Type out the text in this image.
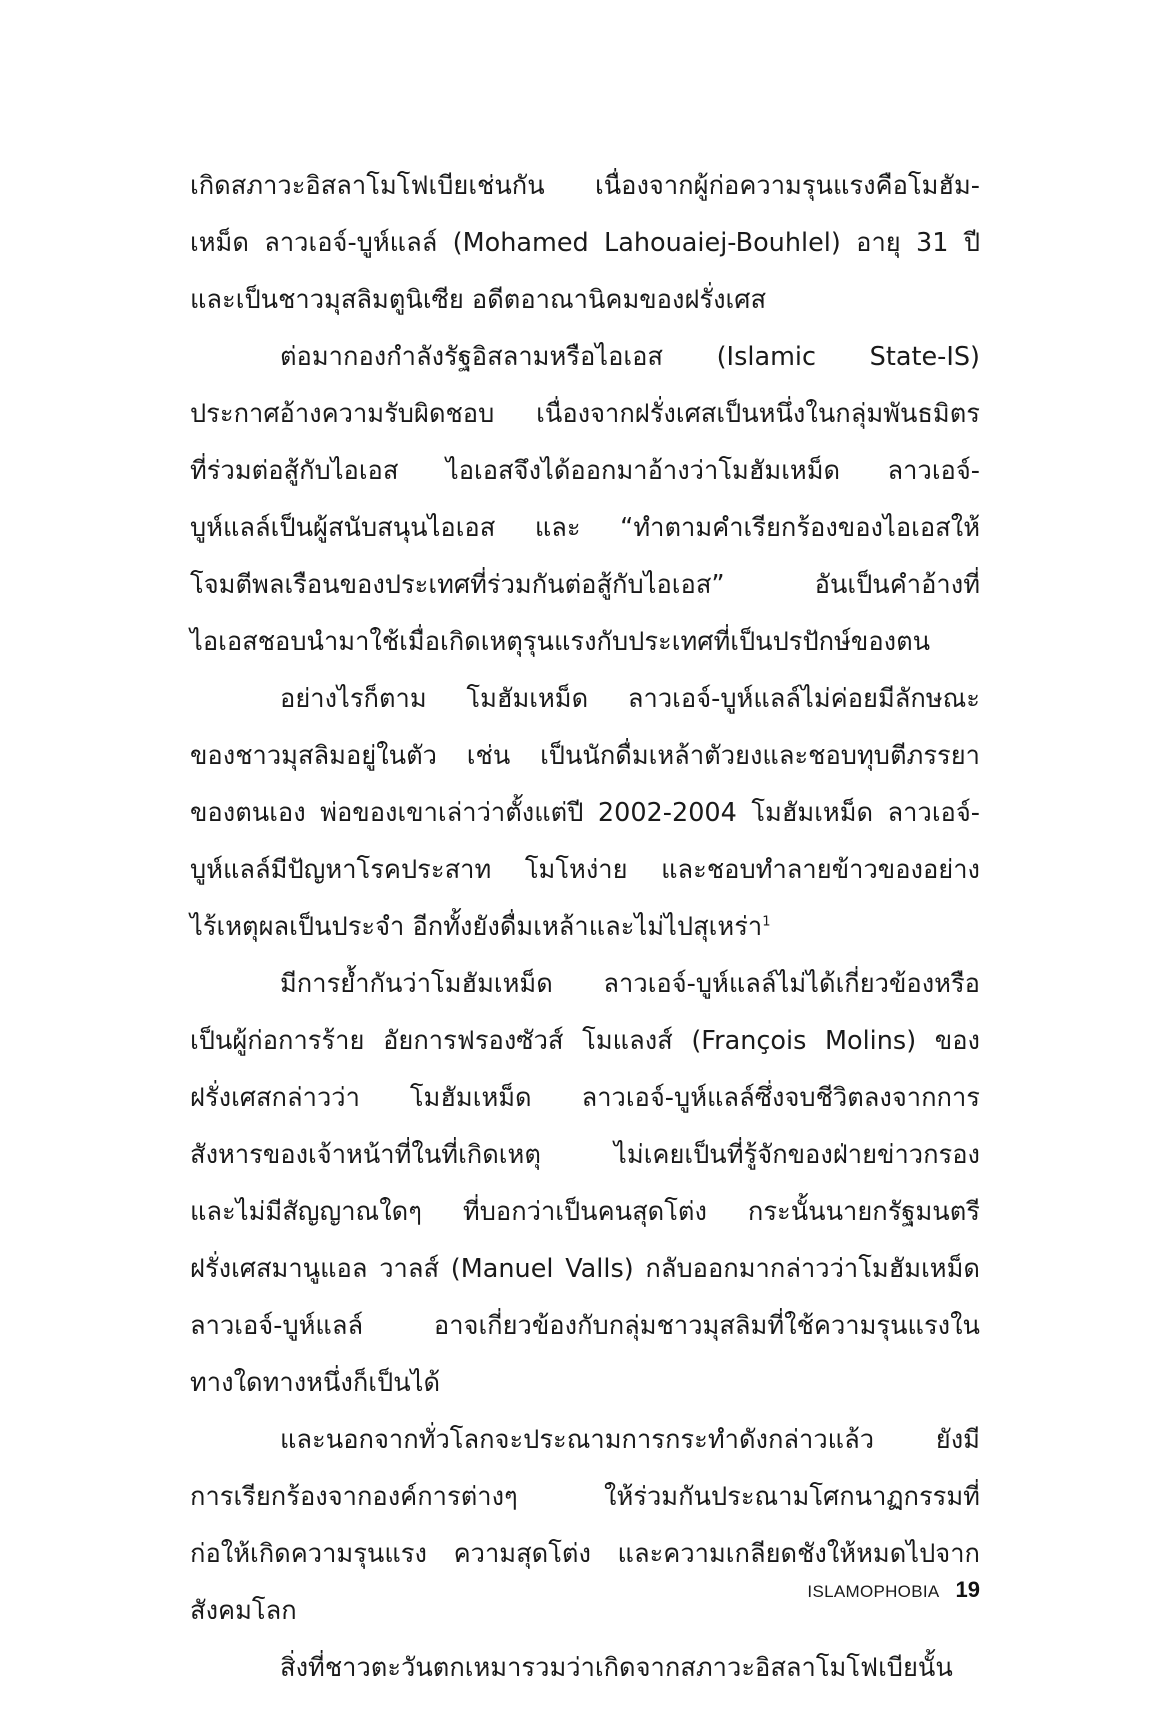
เกิดสภาวะอิสลาโมโฟเบียเช่นกัน เนื่องจากผู้ก่อความรุนแรงคือโมฮัม-
เหม็ด ลาวเอจ์-บูห์แลล์ (Mohamed Lahouaiej-Bouhlel) อายุ 31 ปี
และเป็นชาวมุสลิมตูนิเซีย อดีตอาณานิคมของฝรั่งเศส
ต่อมากองกำลังรัฐอิสลามหรือไอเอส (Islamic State-IS)
ประกาศอ้างความรับผิดชอบ เนื่องจากฝรั่งเศสเป็นหนึ่งในกลุ่มพันธมิตร
ที่ร่วมต่อสู้กับไอเอส ไอเอสจึงได้ออกมาอ้างว่าโมฮัมเหม็ด ลาวเอจ์-
บูห์แลล์เป็นผู้สนับสนุนไอเอส และ “ทำตามคำเรียกร้องของไอเอสให้
โจมตีพลเรือนของประเทศที่ร่วมกันต่อสู้กับไอเอส” อันเป็นคำอ้างที่
ไอเอสชอบนำมาใช้เมื่อเกิดเหตุรุนแรงกับประเทศที่เป็นปรปักษ์ของตน
อย่างไรก็ตาม โมฮัมเหม็ด ลาวเอจ์-บูห์แลล์ไม่ค่อยมีลักษณะ
ของชาวมุสลิมอยู่ในตัว เช่น เป็นนักดื่มเหล้าตัวยงและชอบทุบตีภรรยา
ของตนเอง พ่อของเขาเล่าว่าตั้งแต่ปี 2002-2004 โมฮัมเหม็ด ลาวเอจ์-
บูห์แลล์มีปัญหาโรคประสาท โมโหง่าย และชอบทำลายข้าวของอย่าง
ไร้เหตุผลเป็นประจำ อีกทั้งยังดื่มเหล้าและไม่ไปสุเหร่า$^1$
มีการย้ำกันว่าโมฮัมเหม็ด ลาวเอจ์-บูห์แลล์ไม่ได้เกี่ยวข้องหรือ
เป็นผู้ก่อการร้าย อัยการฟรองซัวส์ โมแลงส์ (François Molins) ของ
ฝรั่งเศสกล่าวว่า โมฮัมเหม็ด ลาวเอจ์-บูห์แลล์ซึ่งจบชีวิตลงจากการ
สังหารของเจ้าหน้าที่ในที่เกิดเหตุ ไม่เคยเป็นที่รู้จักของฝ่ายข่าวกรอง
และไม่มีสัญญาณใดๆ ที่บอกว่าเป็นคนสุดโต่ง กระนั้นนายกรัฐมนตรี
ฝรั่งเศสมานูแอล วาลส์ (Manuel Valls) กลับออกมากล่าวว่าโมฮัมเหม็ด
ลาวเอจ์-บูห์แลล์ อาจเกี่ยวข้องกับกลุ่มชาวมุสลิมที่ใช้ความรุนแรงใน
ทางใดทางหนึ่งก็เป็นได้
และนอกจากทั่วโลกจะประณามการกระทำดังกล่าวแล้ว ยังมี
การเรียกร้องจากองค์การต่างๆ ให้ร่วมกันประณามโศกนาฏกรรมที่
ก่อให้เกิดความรุนแรง ความสุดโต่ง และความเกลียดชังให้หมดไปจาก
สังคมโลก
สิ่งที่ชาวตะวันตกเหมารวมว่าเกิดจากสภาวะอิสลาโมโฟเบียนั้น
ISLAMOPHOBIA 19
